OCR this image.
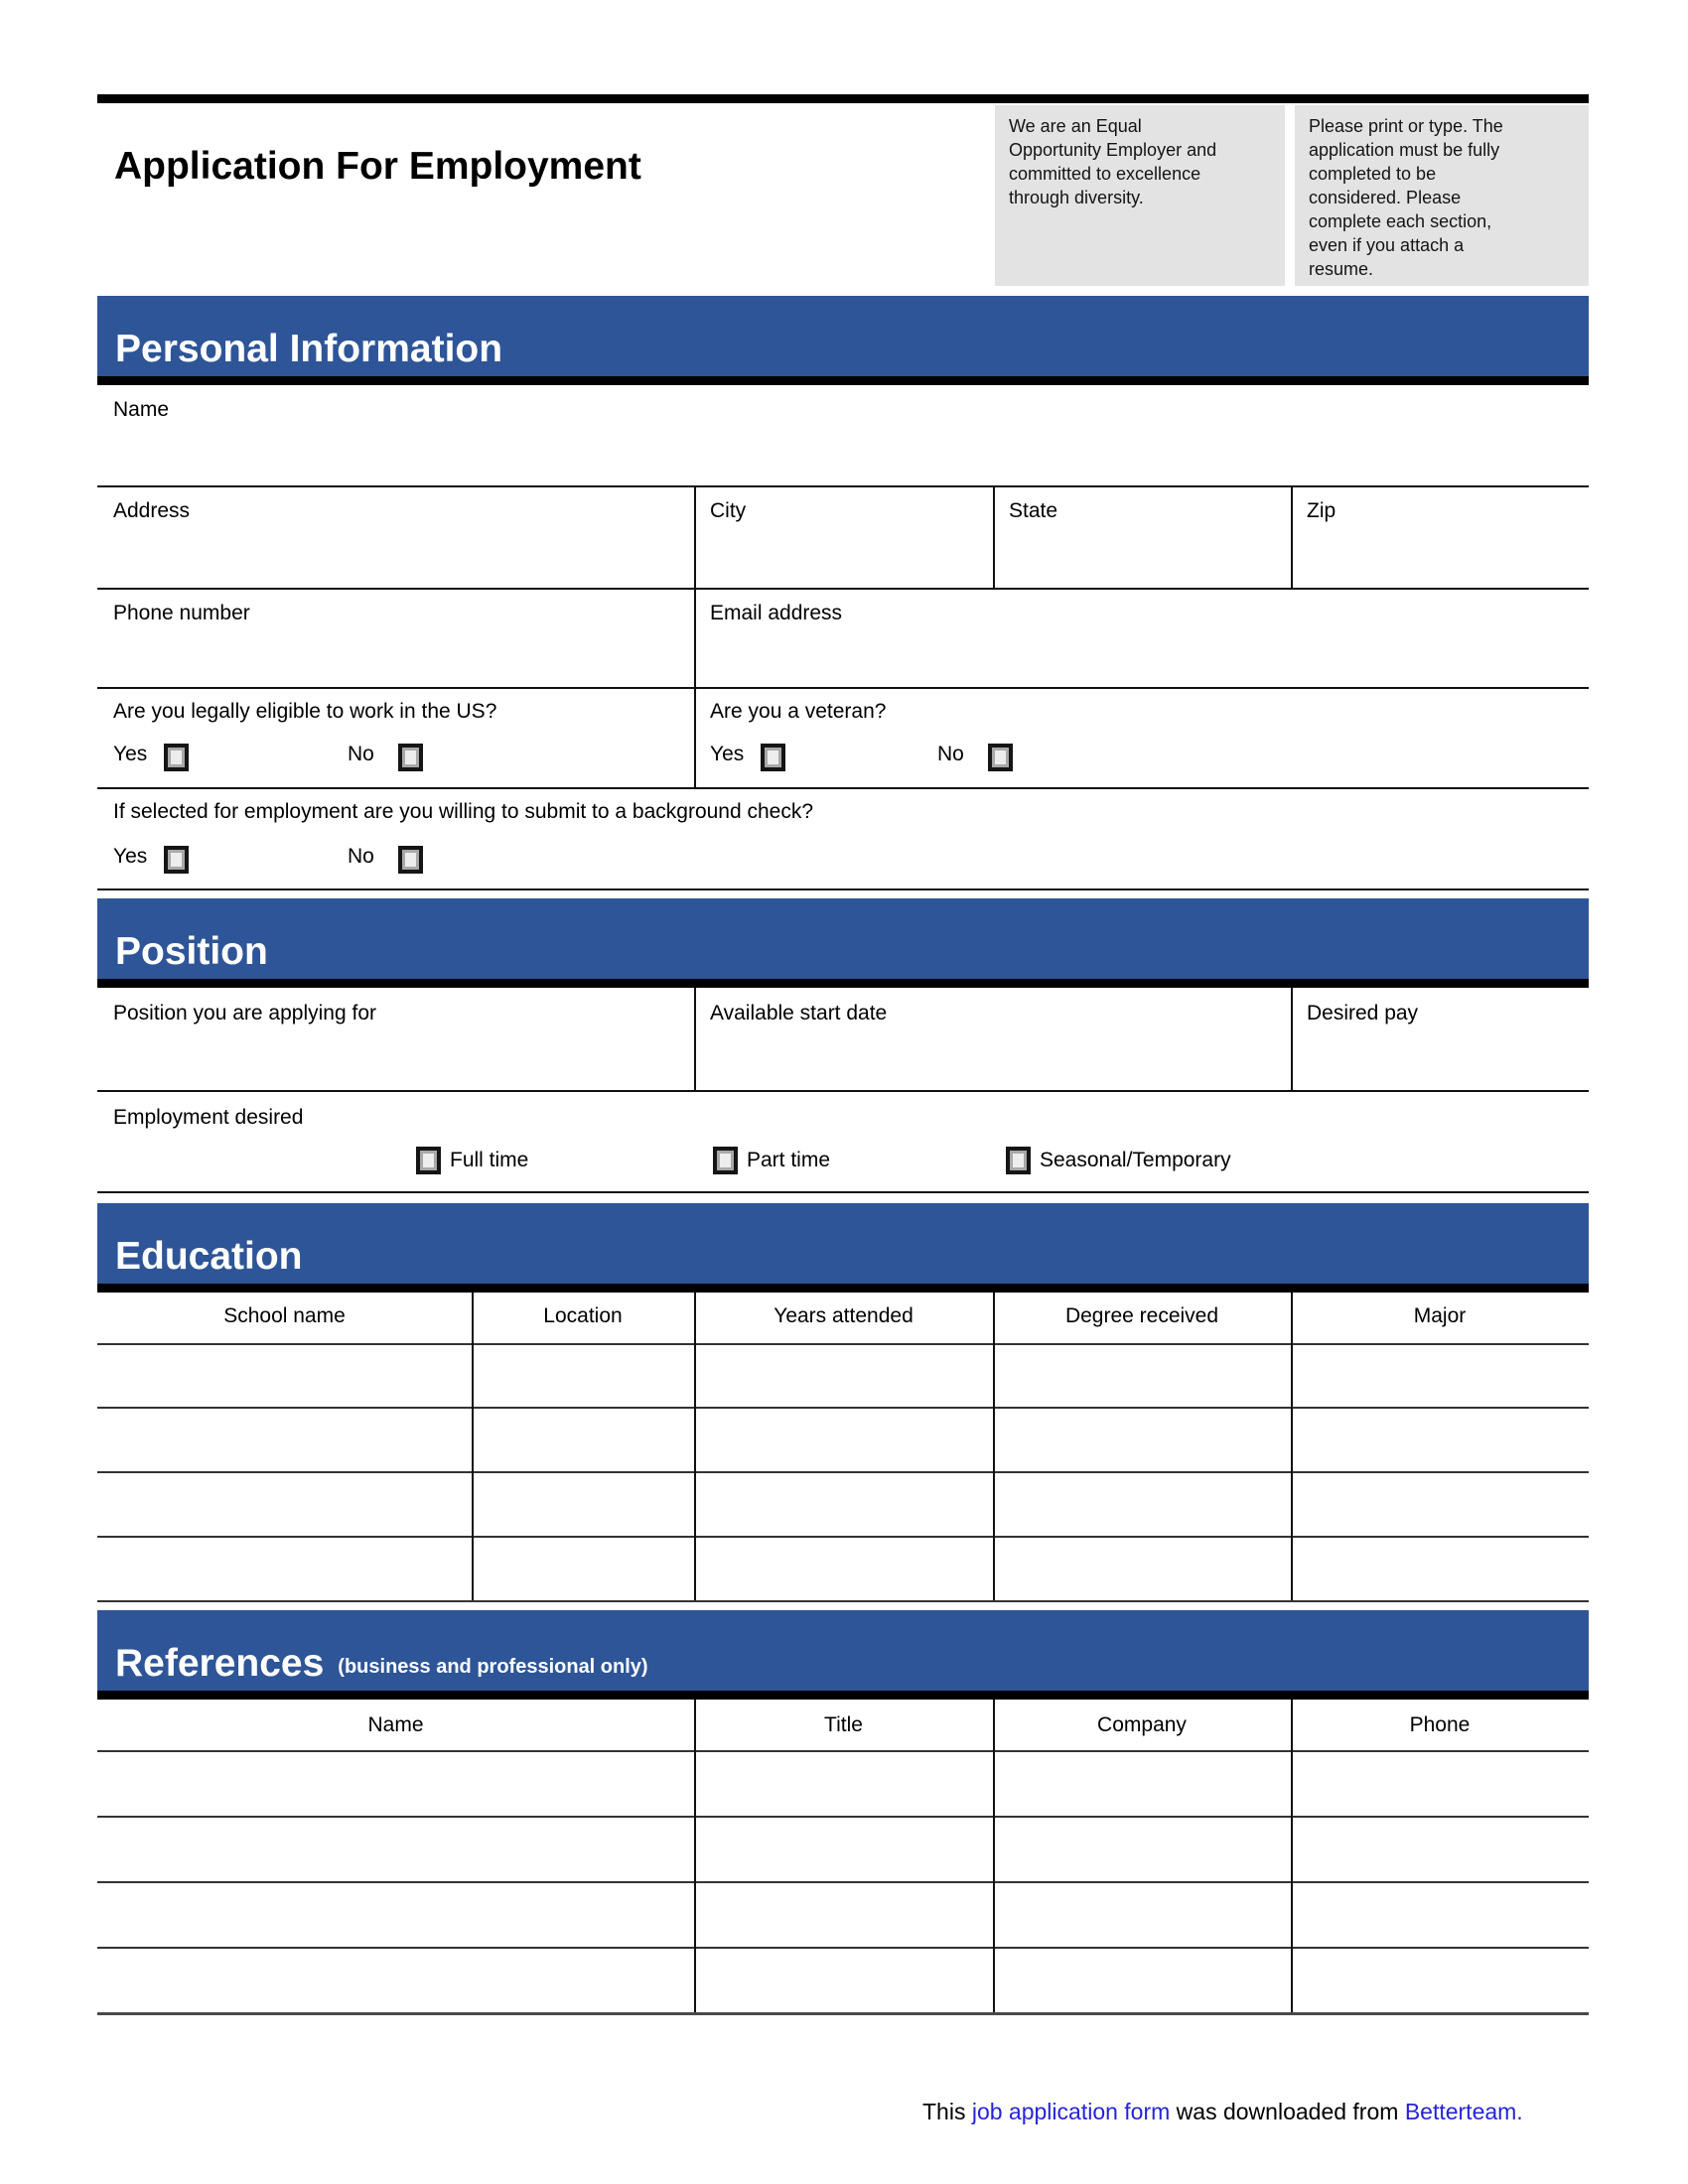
Application For Employment
We are an Equal
Opportunity Employer and
committed to excellence
through diversity.
Please print or type. The
application must be fully
completed to be
considered. Please
complete each section,
even if you attach a
resume.
Personal Information
Name
Address	City	State	Zip
Phone number	Email address
Are you legally eligible to work in the US?	Are you a veteran?
Yes	No	Yes	No
If selected for employment are you willing to submit to a background check?
Yes	No
Position
Position you are applying for	Available start date	Desired pay
Employment desired
Full time	Part time	Seasonal/Temporary
Education
School name	Location	Years attended	Degree received	Major
References (business and professional only)
Name	Title	Company	Phone
This job application form was downloaded from Betterteam.
